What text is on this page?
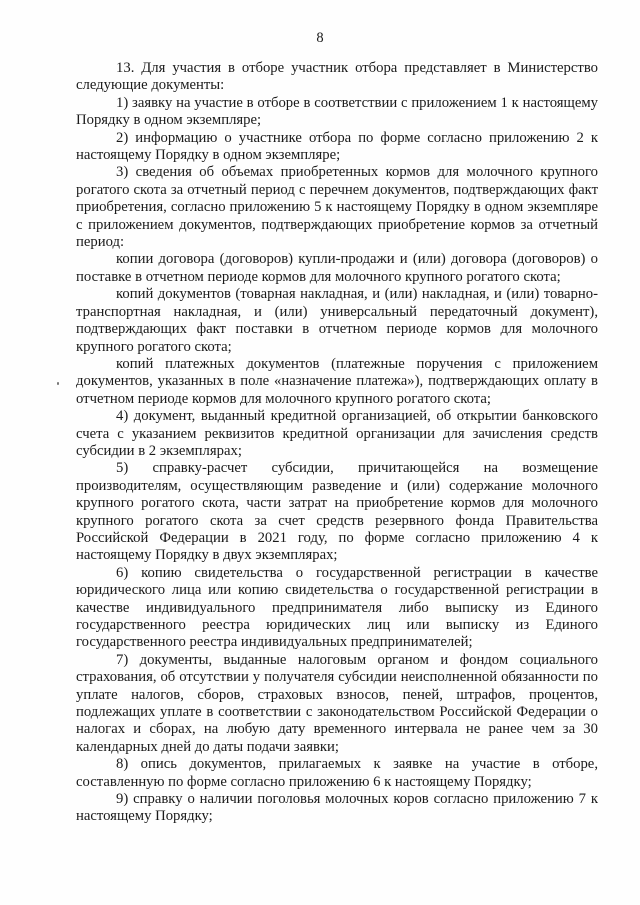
8

13. Для участия в отборе участник отбора представляет в Министерство следующие документы:

1) заявку на участие в отборе в соответствии с приложением 1 к настоящему Порядку в одном экземпляре;

2) информацию о участнике отбора по форме согласно приложению 2 к настоящему Порядку в одном экземпляре;

3) сведения об объемах приобретенных кормов для молочного крупного рогатого скота за отчетный период с перечнем документов, подтверждающих факт приобретения, согласно приложению 5 к настоящему Порядку в одном экземпляре с приложением документов, подтверждающих приобретение кормов за отчетный период:

копии договора (договоров) купли-продажи и (или) договора (договоров) о поставке в отчетном периоде кормов для молочного крупного рогатого скота;

копий документов (товарная накладная, и (или) накладная, и (или) товарно-транспортная накладная, и (или) универсальный передаточный документ), подтверждающих факт поставки в отчетном периоде кормов для молочного крупного рогатого скота;

копий платежных документов (платежные поручения с приложением документов, указанных в поле «назначение платежа»), подтверждающих оплату в отчетном периоде кормов для молочного крупного рогатого скота;

4) документ, выданный кредитной организацией, об открытии банковского счета с указанием реквизитов кредитной организации для зачисления средств субсидии в 2 экземплярах;

5) справку-расчет субсидии, причитающейся на возмещение производителям, осуществляющим разведение и (или) содержание молочного крупного рогатого скота, части затрат на приобретение кормов для молочного крупного рогатого скота за счет средств резервного фонда Правительства Российской Федерации в 2021 году, по форме согласно приложению 4 к настоящему Порядку в двух экземплярах;

6) копию свидетельства о государственной регистрации в качестве юридического лица или копию свидетельства о государственной регистрации в качестве индивидуального предпринимателя либо выписку из Единого государственного реестра юридических лиц или выписку из Единого государственного реестра индивидуальных предпринимателей;

7) документы, выданные налоговым органом и фондом социального страхования, об отсутствии у получателя субсидии неисполненной обязанности по уплате налогов, сборов, страховых взносов, пеней, штрафов, процентов, подлежащих уплате в соответствии с законодательством Российской Федерации о налогах и сборах, на любую дату временного интервала не ранее чем за 30 календарных дней до даты подачи заявки;

8) опись документов, прилагаемых к заявке на участие в отборе, составленную по форме согласно приложению 6 к настоящему Порядку;

9) справку о наличии поголовья молочных коров согласно приложению 7 к настоящему Порядку;
